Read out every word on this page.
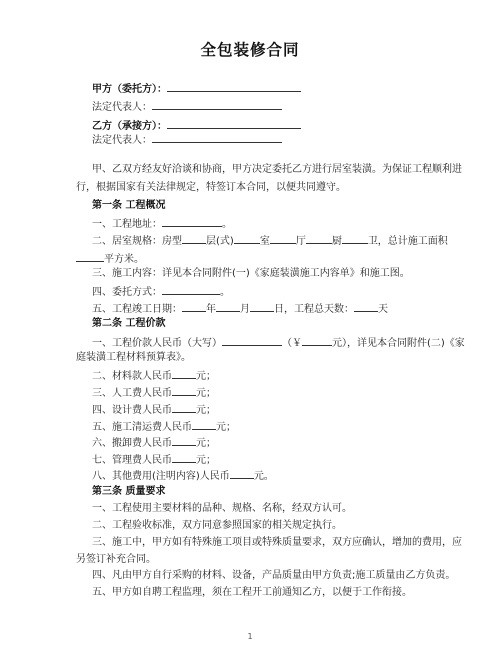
全包装修合同
甲方（委托方）：
法定代表人：
乙方（承接方）：
法定代表人：
甲、乙双方经友好洽谈和协商，甲方决定委托乙方进行居室装潢。为保证工程顺利进
行，根据国家有关法律规定，特签订本合同，以便共同遵守。
第一条 工程概况
一、工程地址：	。
二、居室规格：房型 层(式)	室	厅	厨	卫，总计施工面积
平方米。
三、施工内容：详见本合同附件(一)《家庭装潢施工内容单》和施工图。
四、委托方式：	。
五、工程竣工日期： 年 月 日，工程总天数： 天
第二条 工程价款
一、工程价款人民币（大写）	（￥	元），详见本合同附件(二)《家
庭装潢工程材料预算表》。
二、材料款人民币 元；
三、人工费人民币 元；
四、设计费人民币 元；
五、施工清运费人民币 元；
六、搬卸费人民币 元；
七、管理费人民币 元；
八、其他费用(注明内容)人民币 元。
第三条 质量要求
一、工程使用主要材料的品种、规格、名称，经双方认可。
二、工程验收标准，双方同意参照国家的相关规定执行。
三、施工中，甲方如有特殊施工项目或特殊质量要求，双方应确认，增加的费用，应
另签订补充合同。
四、凡由甲方自行采购的材料、设备，产品质量由甲方负责;施工质量由乙方负责。
五、甲方如自聘工程监理，须在工程开工前通知乙方，以便于工作衔接。
1
